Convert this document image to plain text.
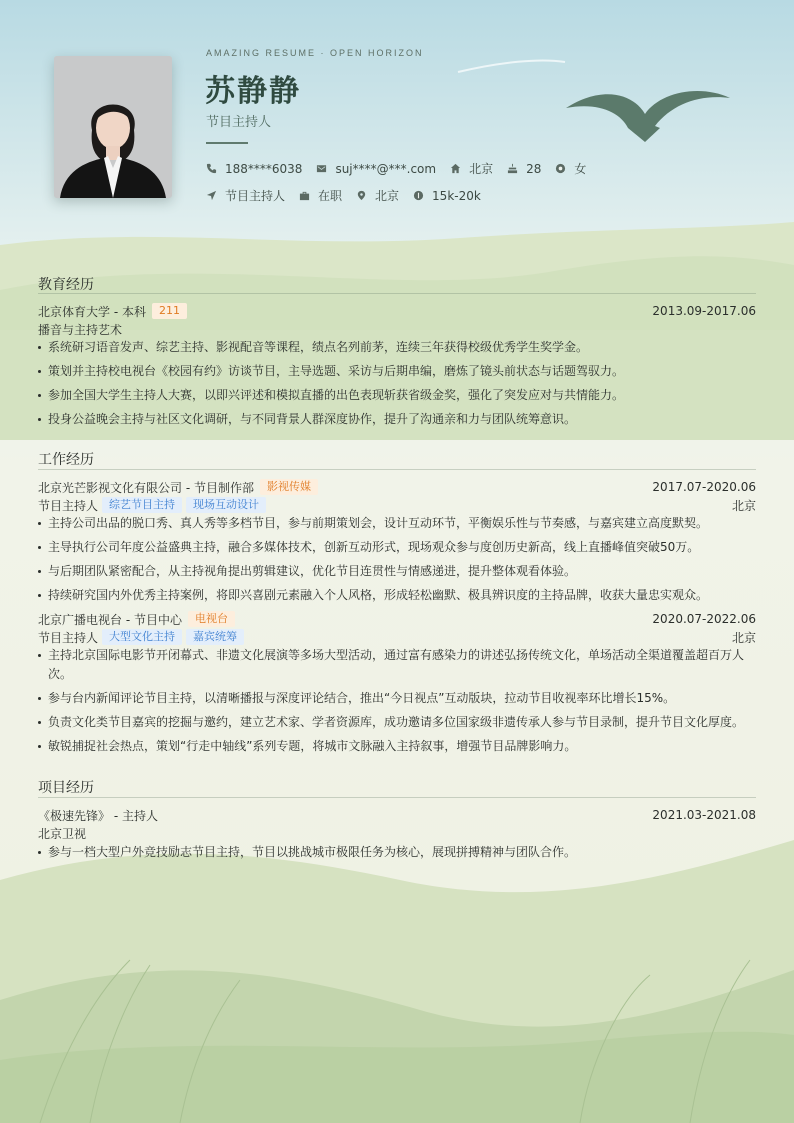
AMAZING RESUME · OPEN HORIZON
苏静静
节目主持人
188****6038	suj****@***.com	北京	28	女
节目主持人	在职	北京	15k-20k
教育经历
北京体育大学 - 本科	211	2013.09-2017.06
播音与主持艺术
系统研习语音发声、综艺主持、影视配音等课程，绩点名列前茅，连续三年获得校级优秀学生奖学金。
策划并主持校电视台《校园有约》访谈节目，主导选题、采访与后期串编，磨炼了镜头前状态与话题驾驭力。
参加全国大学生主持人大赛，以即兴评述和模拟直播的出色表现斩获省级金奖，强化了突发应对与共情能力。
投身公益晚会主持与社区文化调研，与不同背景人群深度协作，提升了沟通亲和力与团队统筹意识。
工作经历
北京光芒影视文化有限公司 - 节目制作部	影视传媒	2017.07-2020.06
节目主持人	综艺节目主持	现场互动设计	北京
主持公司出品的脱口秀、真人秀等多档节目，参与前期策划会，设计互动环节，平衡娱乐性与节奏感，与嘉宾建立高度默契。
主导执行公司年度公益盛典主持，融合多媒体技术，创新互动形式，现场观众参与度创历史新高，线上直播峰值突破50万。
与后期团队紧密配合，从主持视角提出剪辑建议，优化节目连贯性与情感递进，提升整体观看体验。
持续研究国内外优秀主持案例，将即兴喜剧元素融入个人风格，形成轻松幽默、极具辨识度的主持品牌，收获大量忠实观众。
北京广播电视台 - 节目中心	电视台	2020.07-2022.06
节目主持人	大型文化主持	嘉宾统筹	北京
主持北京国际电影节开闭幕式、非遗文化展演等多场大型活动，通过富有感染力的讲述弘扬传统文化，单场活动全渠道覆盖超百万人次。
参与台内新闻评论节目主持，以清晰播报与深度评论结合，推出“今日视点”互动版块，拉动节目收视率环比增长15%。
负责文化类节目嘉宾的挖掘与邀约，建立艺术家、学者资源库，成功邀请多位国家级非遗传承人参与节目录制，提升节目文化厚度。
敏锐捕捉社会热点，策划“行走中轴线”系列专题，将城市文脉融入主持叙事，增强节目品牌影响力。
项目经历
《极速先锋》 - 主持人	2021.03-2021.08
北京卫视
参与一档大型户外竞技励志节目主持，节目以挑战城市极限任务为核心，展现拼搏精神与团队合作。
